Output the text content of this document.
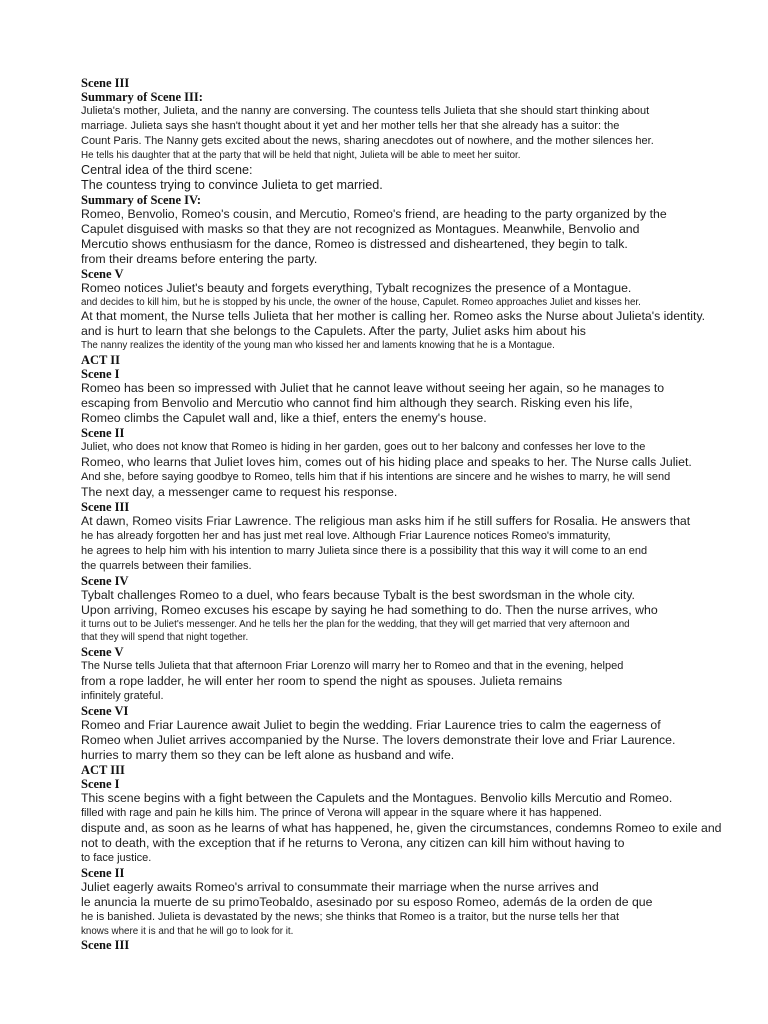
Scene III
Summary of Scene III:
Julieta's mother, Julieta, and the nanny are conversing. The countess tells Julieta that she should start thinking about
marriage. Julieta says she hasn't thought about it yet and her mother tells her that she already has a suitor: the
Count Paris. The Nanny gets excited about the news, sharing anecdotes out of nowhere, and the mother silences her.
He tells his daughter that at the party that will be held that night, Julieta will be able to meet her suitor.
Central idea of the third scene:
The countess trying to convince Julieta to get married.
Summary of Scene IV:
Romeo, Benvolio, Romeo's cousin, and Mercutio, Romeo's friend, are heading to the party organized by the
Capulet disguised with masks so that they are not recognized as Montagues. Meanwhile, Benvolio and
Mercutio shows enthusiasm for the dance, Romeo is distressed and disheartened, they begin to talk.
from their dreams before entering the party.
Scene V
Romeo notices Juliet's beauty and forgets everything, Tybalt recognizes the presence of a Montague.
and decides to kill him, but he is stopped by his uncle, the owner of the house, Capulet. Romeo approaches Juliet and kisses her.
At that moment, the Nurse tells Julieta that her mother is calling her. Romeo asks the Nurse about Julieta's identity.
and is hurt to learn that she belongs to the Capulets. After the party, Juliet asks him about his
The nanny realizes the identity of the young man who kissed her and laments knowing that he is a Montague.
ACT II
Scene I
Romeo has been so impressed with Juliet that he cannot leave without seeing her again, so he manages to
escaping from Benvolio and Mercutio who cannot find him although they search. Risking even his life,
Romeo climbs the Capulet wall and, like a thief, enters the enemy's house.
Scene II
Juliet, who does not know that Romeo is hiding in her garden, goes out to her balcony and confesses her love to the
Romeo, who learns that Juliet loves him, comes out of his hiding place and speaks to her. The Nurse calls Juliet.
And she, before saying goodbye to Romeo, tells him that if his intentions are sincere and he wishes to marry, he will send
The next day, a messenger came to request his response.
Scene III
At dawn, Romeo visits Friar Lawrence. The religious man asks him if he still suffers for Rosalia. He answers that
he has already forgotten her and has just met real love. Although Friar Laurence notices Romeo's immaturity,
he agrees to help him with his intention to marry Julieta since there is a possibility that this way it will come to an end
the quarrels between their families.
Scene IV
Tybalt challenges Romeo to a duel, who fears because Tybalt is the best swordsman in the whole city.
Upon arriving, Romeo excuses his escape by saying he had something to do. Then the nurse arrives, who
it turns out to be Juliet's messenger. And he tells her the plan for the wedding, that they will get married that very afternoon and
that they will spend that night together.
Scene V
The Nurse tells Julieta that that afternoon Friar Lorenzo will marry her to Romeo and that in the evening, helped
from a rope ladder, he will enter her room to spend the night as spouses. Julieta remains
infinitely grateful.
Scene VI
Romeo and Friar Laurence await Juliet to begin the wedding. Friar Laurence tries to calm the eagerness of
Romeo when Juliet arrives accompanied by the Nurse. The lovers demonstrate their love and Friar Laurence.
hurries to marry them so they can be left alone as husband and wife.
ACT III
Scene I
This scene begins with a fight between the Capulets and the Montagues. Benvolio kills Mercutio and Romeo.
filled with rage and pain he kills him. The prince of Verona will appear in the square where it has happened.
dispute and, as soon as he learns of what has happened, he, given the circumstances, condemns Romeo to exile and
not to death, with the exception that if he returns to Verona, any citizen can kill him without having to
to face justice.
Scene II
Juliet eagerly awaits Romeo's arrival to consummate their marriage when the nurse arrives and
le anuncia la muerte de su primoTeobaldo, asesinado por su esposo Romeo, además de la orden de que
he is banished. Julieta is devastated by the news; she thinks that Romeo is a traitor, but the nurse tells her that
knows where it is and that he will go to look for it.
Scene III
